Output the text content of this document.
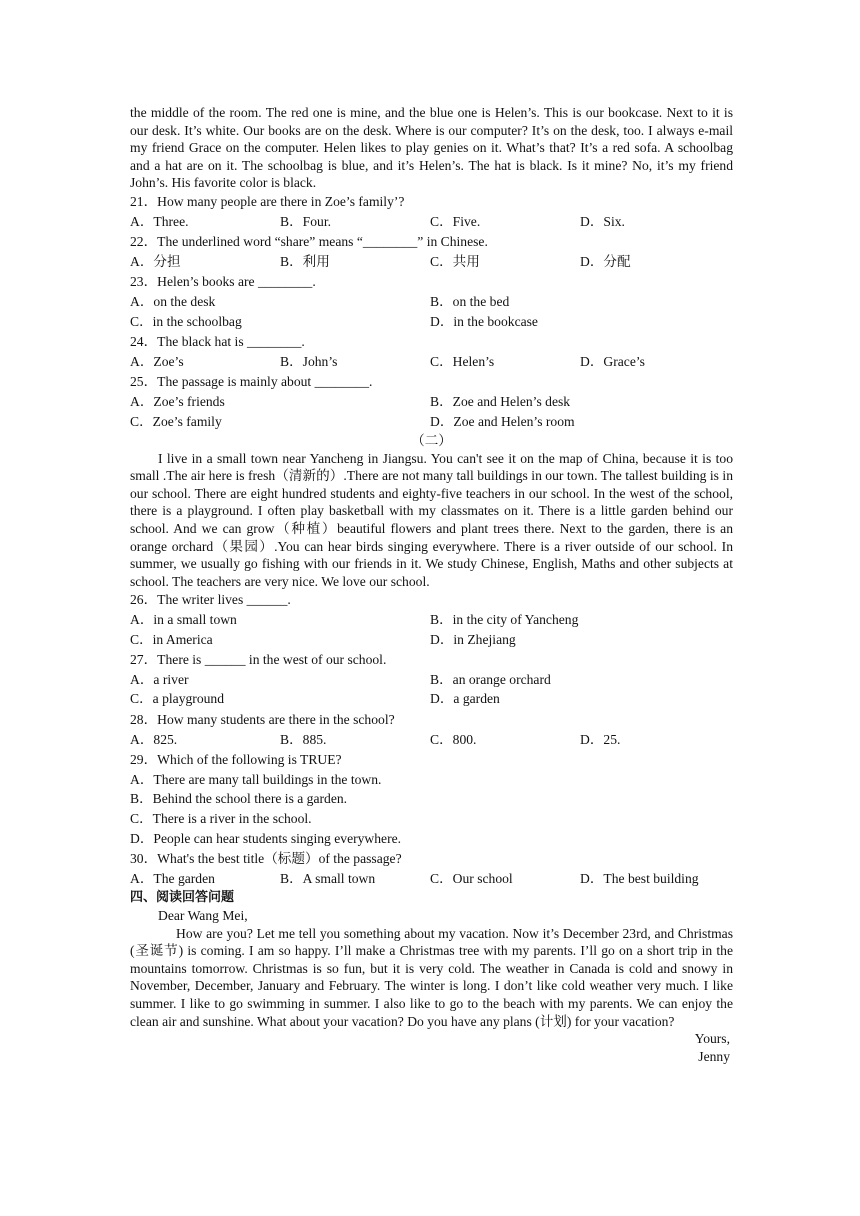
the middle of the room. The red one is mine, and the blue one is Helen’s. This is our bookcase. Next to it is our desk. It’s white. Our books are on the desk. Where is our computer? It’s on the desk, too. I always e-mail my friend Grace on the computer. Helen likes to play genies on it. What’s that? It’s a red sofa. A schoolbag and a hat are on it. The schoolbag is blue, and it’s Helen’s. The hat is black. Is it mine? No, it’s my friend John’s. His favorite color is black.

21．How many people are there in Zoe’s family’?

A．Three.	B．Four.	C．Five.	D．Six.

22．The underlined word “share” means “________” in Chinese.

A．分担	B．利用	C．共用	D．分配

23．Helen’s books are ________.

A．on the desk	B．on the bed
C．in the schoolbag	D．in the bookcase

24．The black hat is ________.

A．Zoe’s	B．John’s	C．Helen’s	D．Grace’s

25．The passage is mainly about ________.

A．Zoe’s friends	B．Zoe and Helen’s desk
C．Zoe’s family	D．Zoe and Helen’s room

（二）

I live in a small town near Yancheng in Jiangsu. You can't see it on the map of China, because it is too small .The air here is fresh（清新的）.There are not many tall buildings in our town. The tallest building is in our school. There are eight hundred students and eighty-five teachers in our school. In the west of the school, there is a playground. I often play basketball with my classmates on it. There is a little garden behind our school. And we can grow（种植）beautiful flowers and plant trees there. Next to the garden, there is an orange orchard（果园）.You can hear birds singing everywhere. There is a river outside of our school. In summer, we usually go fishing with our friends in it. We study Chinese, English, Maths and other subjects at school. The teachers are very nice. We love our school.

26．The writer lives ______.

A．in a small town	B．in the city of Yancheng
C．in America	D．in Zhejiang

27．There is ______ in the west of our school.

A．a river	B．an orange orchard
C．a playground	D．a garden

28．How many students are there in the school?

A．825.	B．885.	C．800.	D．25.

29．Which of the following is TRUE?

A．There are many tall buildings in the town.
B．Behind the school there is a garden.
C．There is a river in the school.
D．People can hear students singing everywhere.

30．What's the best title（标题）of the passage?

A．The garden	B．A small town	C．Our school	D．The best building

四、阅读回答问题

Dear Wang Mei,

How are you? Let me tell you something about my vacation. Now it’s December 23rd, and Christmas (圣诞节) is coming. I am so happy. I’ll make a Christmas tree with my parents. I’ll go on a short trip in the mountains tomorrow. Christmas is so fun, but it is very cold. The weather in Canada is cold and snowy in November, December, January and February. The winter is long. I don’t like cold weather very much. I like summer. I like to go swimming in summer. I also like to go to the beach with my parents. We can enjoy the clean air and sunshine. What about your vacation? Do you have any plans (计划) for your vacation?

Yours,

Jenny
